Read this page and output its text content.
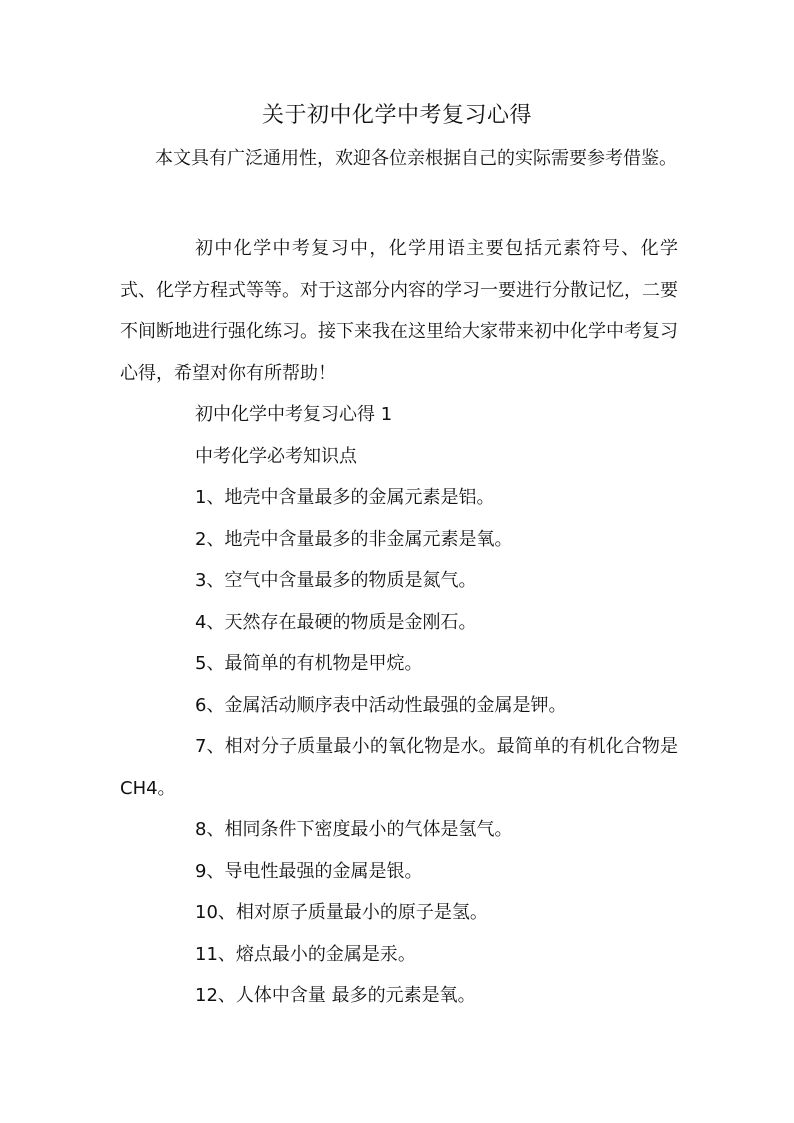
关于初中化学中考复习心得
本文具有广泛通用性，欢迎各位亲根据自己的实际需要参考借鉴。

初中化学中考复习中，化学用语主要包括元素符号、化学式、化学方程式等等。对于这部分内容的学习一要进行分散记忆，二要不间断地进行强化练习。接下来我在这里给大家带来初中化学中考复习心得，希望对你有所帮助！

初中化学中考复习心得 1

中考化学必考知识点

1、地壳中含量最多的金属元素是铝。

2、地壳中含量最多的非金属元素是氧。

3、空气中含量最多的物质是氮气。

4、天然存在最硬的物质是金刚石。

5、最简单的有机物是甲烷。

6、金属活动顺序表中活动性最强的金属是钾。

7、相对分子质量最小的氧化物是水。最简单的有机化合物是 CH4。

8、相同条件下密度最小的气体是氢气。

9、导电性最强的金属是银。

10、相对原子质量最小的原子是氢。

11、熔点最小的金属是汞。

12、人体中含量 最多的元素是氧。
